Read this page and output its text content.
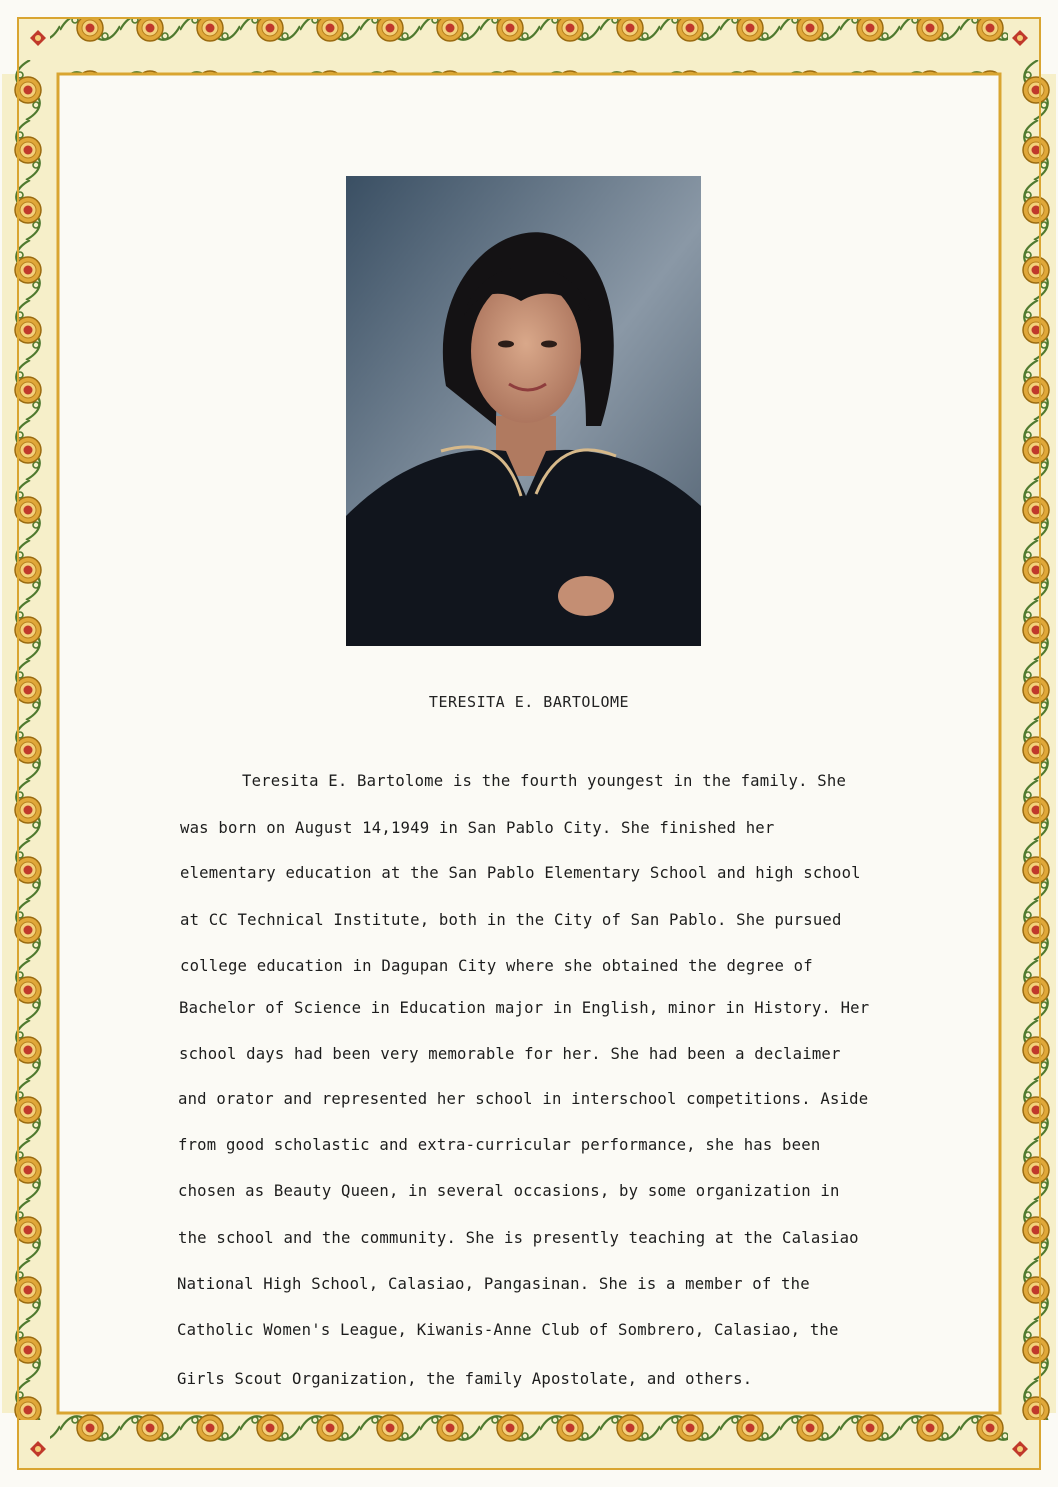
TERESITA E. BARTOLOME
Teresita E. Bartolome is the fourth youngest in the family. She
was born on August 14,1949 in San Pablo City. She finished her
elementary education at the San Pablo Elementary School and high school
at CC Technical Institute, both in the City of San Pablo. She pursued
college education in Dagupan City where she obtained the degree of
Bachelor of Science in Education major in English, minor in History. Her
school days had been very memorable for her. She had been a declaimer
and orator and represented her school in interschool competitions. Aside
from good scholastic and extra-curricular performance, she has been
chosen as Beauty Queen, in several occasions, by some organization in
the school and the community. She is presently teaching at the Calasiao
National High School, Calasiao, Pangasinan. She is a member of the
Catholic Women's League, Kiwanis-Anne Club of Sombrero, Calasiao, the
Girls Scout Organization, the family Apostolate, and others.
